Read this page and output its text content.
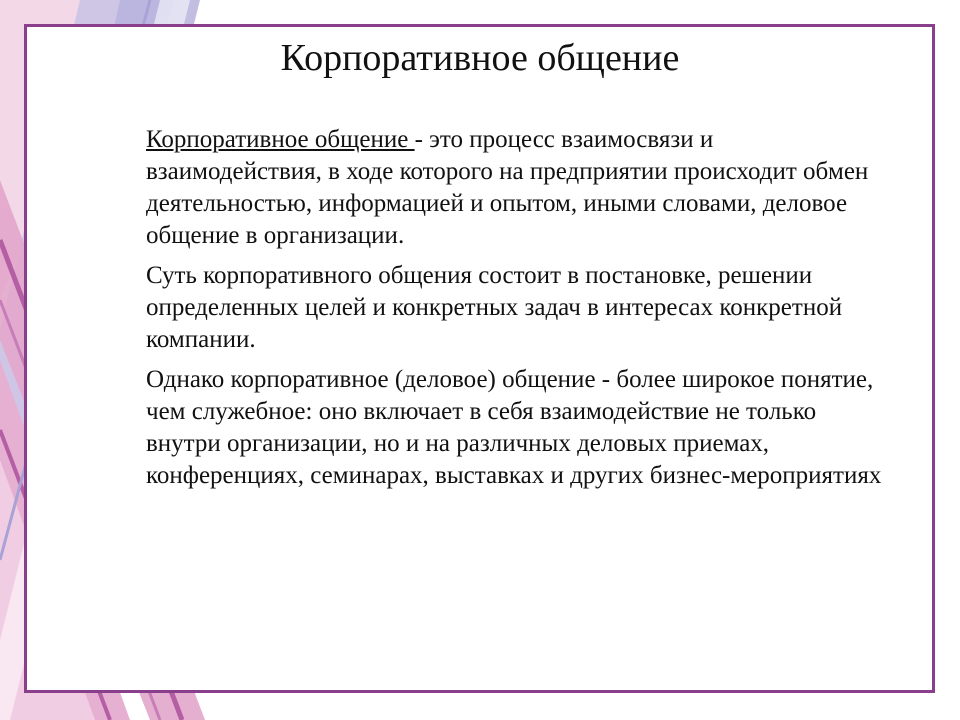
Корпоративное общение

Корпоративное общение - это процесс взаимосвязи и взаимодействия, в ходе которого на предприятии происходит обмен деятельностью, информацией и опытом, иными словами, деловое общение в организации.

Суть корпоративного общения состоит в постановке, решении определенных целей и конкретных задач в интересах конкретной компании.

Однако корпоративное (деловое) общение - более широкое понятие, чем служебное: оно включает в себя взаимодействие не только внутри организации, но и на различных деловых приемах, конференциях, семинарах, выставках и других бизнес-мероприятиях
